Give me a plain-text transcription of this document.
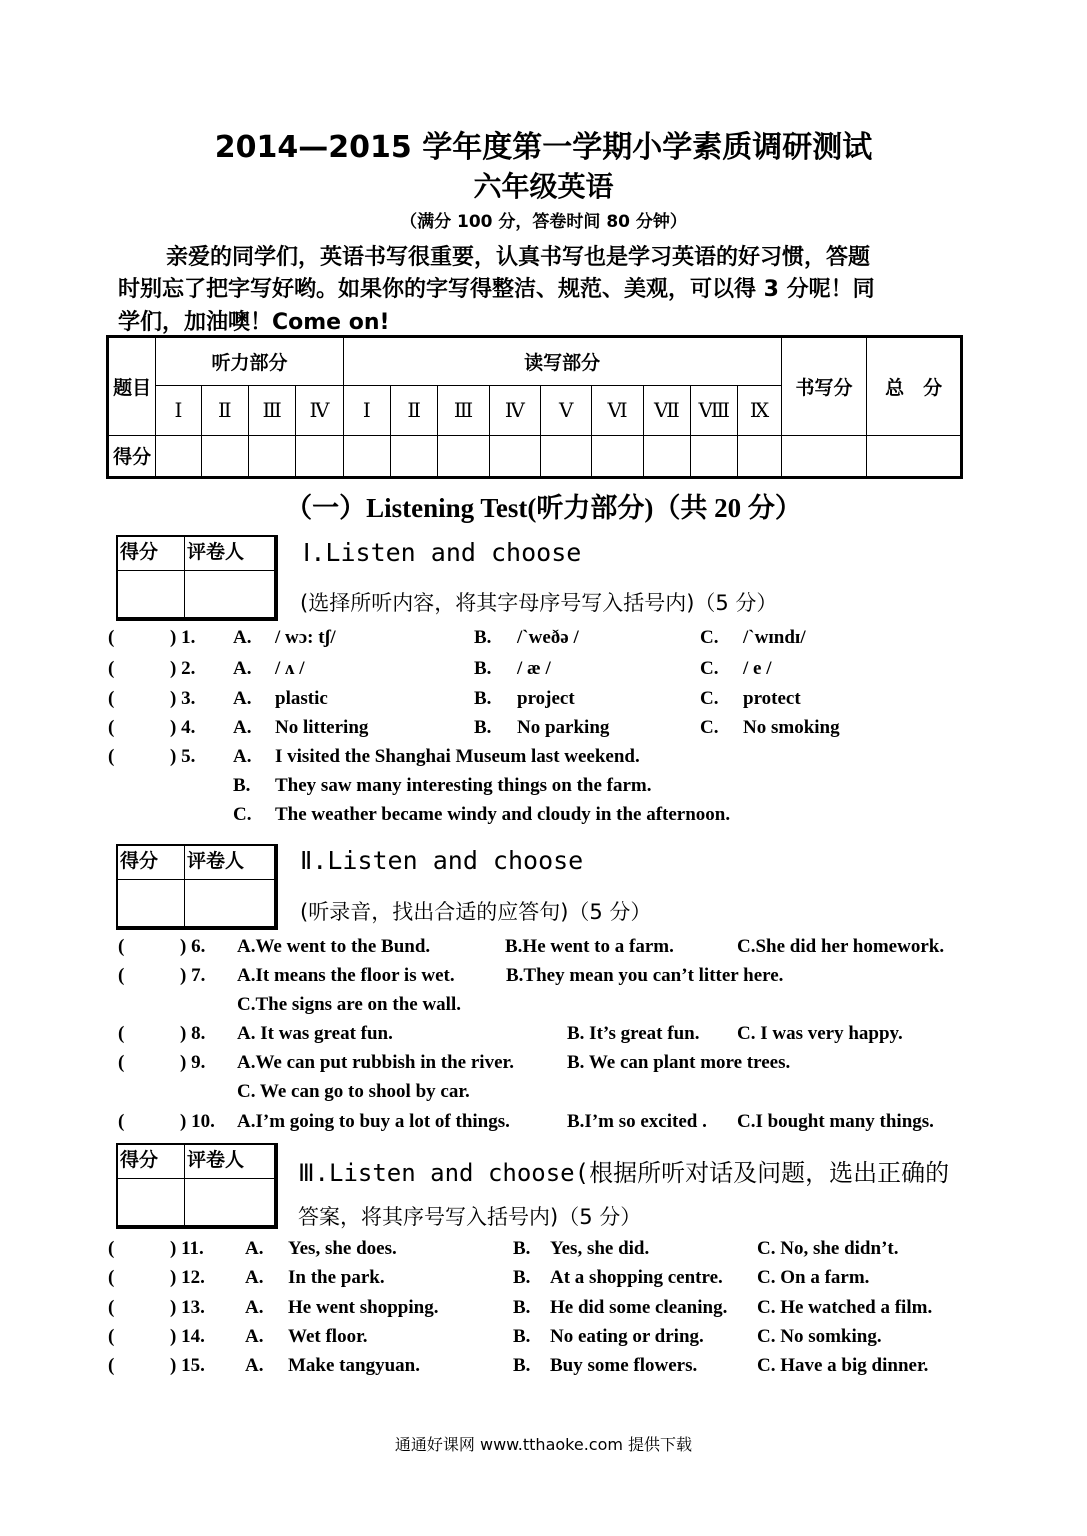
2014—2015 学年度第一学期小学素质调研测试
六年级英语
（满分 100 分，答卷时间 80 分钟）
亲爱的同学们，英语书写很重要，认真书写也是学习英语的好习惯，答题
时别忘了把字写好哟。如果你的字写得整洁、规范、美观，可以得 3 分呢！同
学们，加油噢！Come on!
题目	听力部分				读写部分									书写分	总　分
	Ⅰ	Ⅱ	Ⅲ	Ⅳ	Ⅰ	Ⅱ	Ⅲ	Ⅳ	Ⅴ	Ⅵ	Ⅶ	Ⅷ	Ⅸ		
得分															
（一）Listening Test(听力部分)（共 20 分）
得分	评卷人
	Ⅰ.Listen and choose
(选择所听内容，将其字母序号写入括号内)（5 分）
(	) 1. A. / wɔ: tʃ/	B. /ˋweðə /	C. /ˋwɪndɪ/
(	) 2. A. / ʌ /	B. / æ /	C. / e /
(	) 3. A. plastic	B. project	C. protect
(	) 4. A. No littering	B. No parking	C. No smoking
(	) 5. A. I visited the Shanghai Museum last weekend.
B. They saw many interesting things on the farm.
C. The weather became windy and cloudy in the afternoon.
得分	评卷人
	Ⅱ.Listen and choose
(听录音，找出合适的应答句)（5 分）
(	) 6. A.We went to the Bund.	B.He went to a farm.	C.She did her homework.
(	) 7. A.It means the floor is wet.	B.They mean you can’t litter here.
C.The signs are on the wall.
(	) 8. A. It was great fun.	B. It’s great fun. C. I was very happy.
(	) 9. A.We can put rubbish in the river.	B. We can plant more trees.
C. We can go to shool by car.
(	) 10. A.I’m going to buy a lot of things.	B.I’m so excited . C.I bought many things.
得分	评卷人
	Ⅲ.Listen and choose(根据所听对话及问题，选出正确的
答案，将其序号写入括号内)（5 分）
(	) 11. A. Yes, she does.	B. Yes, she did.	C. No, she didn’t.
(	) 12. A. In the park.	B. At a shopping centre. C. On a farm.
(	) 13. A. He went shopping.	B. He did some cleaning. C. He watched a film.
(	) 14. A. Wet floor.	B. No eating or dring.	C. No somking.
(	) 15. A. Make tangyuan.	B. Buy some flowers.	C. Have a big dinner.
通通好课网 www.tthaoke.com 提供下载
